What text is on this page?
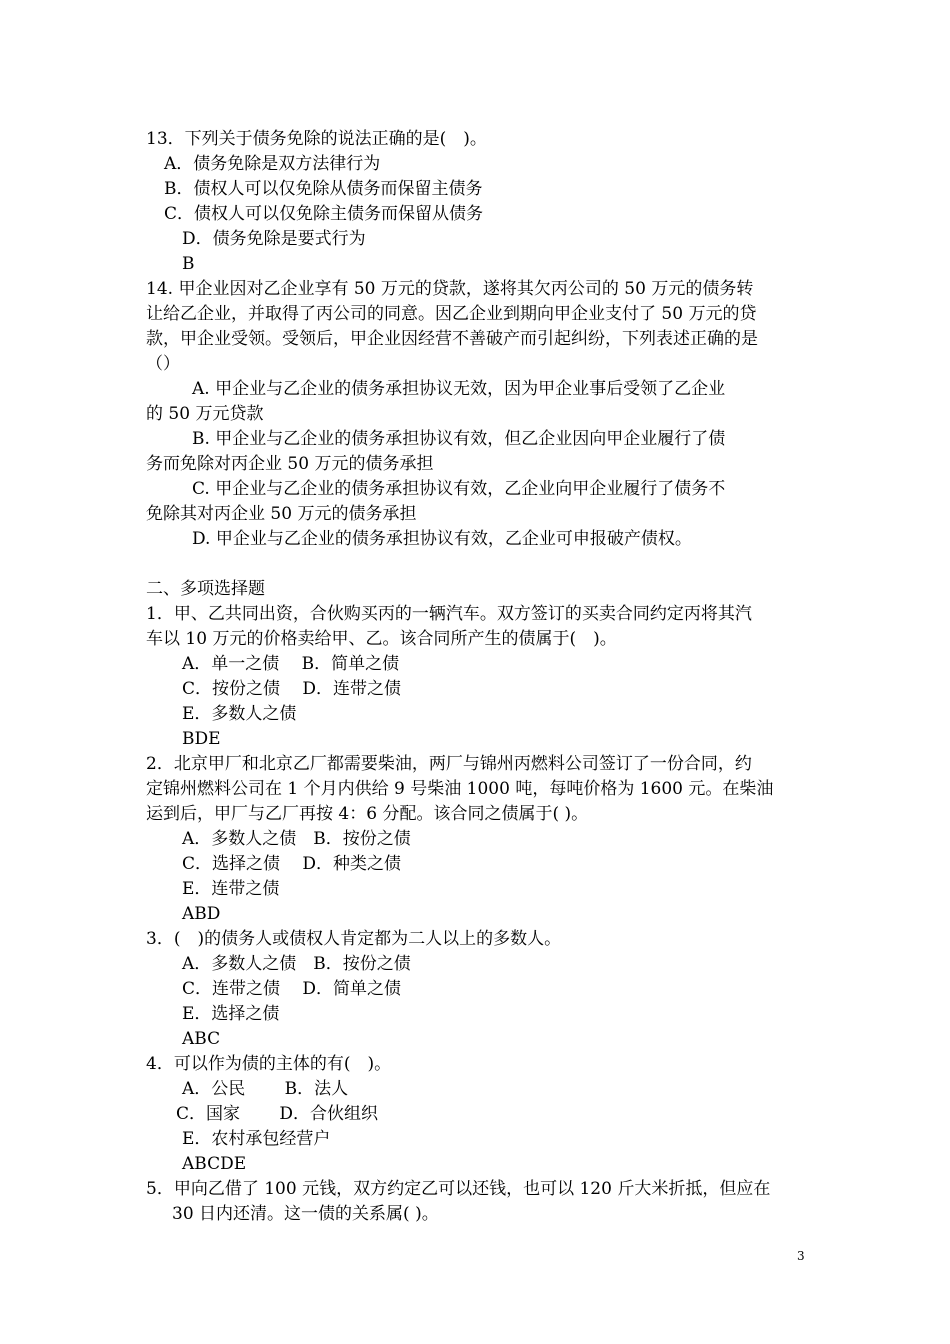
13．下列关于债务免除的说法正确的是(　)。
A．债务免除是双方法律行为
B．债权人可以仅免除从债务而保留主债务
C．债权人可以仅免除主债务而保留从债务
D．债务免除是要式行为
B
14. 甲企业因对乙企业享有 50 万元的贷款，遂将其欠丙公司的 50 万元的债务转
让给乙企业，并取得了丙公司的同意。因乙企业到期向甲企业支付了 50 万元的贷
款，甲企业受领。受领后，甲企业因经营不善破产而引起纠纷，下列表述正确的是
（）
A. 甲企业与乙企业的债务承担协议无效，因为甲企业事后受领了乙企业
的 50 万元贷款
B. 甲企业与乙企业的债务承担协议有效，但乙企业因向甲企业履行了债
务而免除对丙企业 50 万元的债务承担
C. 甲企业与乙企业的债务承担协议有效，乙企业向甲企业履行了债务不
免除其对丙企业 50 万元的债务承担
D. 甲企业与乙企业的债务承担协议有效，乙企业可申报破产债权。
二、多项选择题
1．甲、乙共同出资，合伙购买丙的一辆汽车。双方签订的买卖合同约定丙将其汽
车以 10 万元的价格卖给甲、乙。该合同所产生的债属于(　)。
A．单一之债　 B．简单之债
C．按份之债　 D．连带之债
E．多数人之债
BDE
2．北京甲厂和北京乙厂都需要柴油，两厂与锦州丙燃料公司签订了一份合同，约
定锦州燃料公司在 1 个月内供给 9 号柴油 1000 吨，每吨价格为 1600 元。在柴油
运到后，甲厂与乙厂再按 4：6 分配。该合同之债属于( )。
A．多数人之债　B．按份之债
C．选择之债　 D．种类之债
E．连带之债
ABD
3．(　)的债务人或债权人肯定都为二人以上的多数人。
A．多数人之债　B．按份之债
C．连带之债　 D．简单之债
E．选择之债
ABC
4．可以作为债的主体的有(　)。
A．公民　　 B．法人
C．国家　　 D．合伙组织
E．农村承包经营户
ABCDE
5．甲向乙借了 100 元钱，双方约定乙可以还钱，也可以 120 斤大米折抵，但应在
30 日内还清。这一债的关系属( )。
3
